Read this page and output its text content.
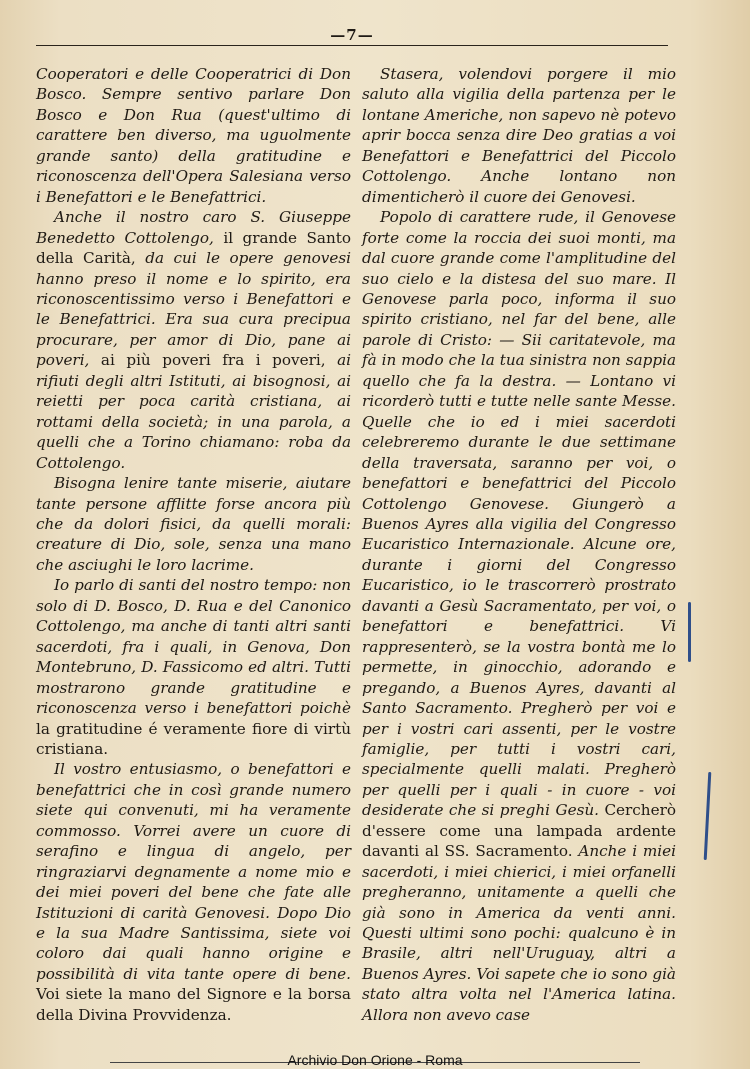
—7—

Cooperatori e delle Cooperatrici di Don Bosco. Sempre sentivo parlare Don Bosco e Don Rua (quest'ultimo di carattere ben diverso, ma uguolmente grande santo) della gratitudine e riconoscenza dell'Opera Salesiana verso i Benefattori e le Benefattrici.

Anche il nostro caro S. Giuseppe Benedetto Cottolengo, il grande Santo della Carità, da cui le opere genovesi hanno preso il nome e lo spirito, era riconoscentissimo verso i Benefattori e le Benefattrici. Era sua cura precipua procurare, per amor di Dio, pane ai poveri, ai più poveri fra i poveri, ai rifiuti degli altri Istituti, ai bisognosi, ai reietti per poca carità cristiana, ai rottami della società; in una parola, a quelli che a Torino chiamano: roba da Cottolengo.

Bisogna lenire tante miserie, aiutare tante persone afflitte forse ancora più che da dolori fisici, da quelli morali: creature di Dio, sole, senza una mano che asciughi le loro lacrime.

Io parlo di santi del nostro tempo: non solo di D. Bosco, D. Rua e del Canonico Cottolengo, ma anche di tanti altri santi sacerdoti, fra i quali, in Genova, Don Montebruno, D. Fassicomo ed altri. Tutti mostrarono grande gratitudine e riconoscenza verso i benefattori poichè la gratitudine é veramente fiore di virtù cristiana.

Il vostro entusiasmo, o benefattori e benefattrici che in così grande numero siete qui convenuti, mi ha veramente commosso. Vorrei avere un cuore di serafino e lingua di angelo, per ringraziarvi degnamente a nome mio e dei miei poveri del bene che fate alle Istituzioni di carità Genovesi. Dopo Dio e la sua Madre Santissima, siete voi coloro dai quali hanno origine e possibilità di vita tante opere di bene. Voi siete la mano del Signore e la borsa della Divina Provvidenza.

Stasera, volendovi porgere il mio saluto alla vigilia della partenza per le lontane Americhe, non sapevo nè potevo aprir bocca senza dire Deo gratias a voi Benefattori e Benefattrici del Piccolo Cottolengo. Anche lontano non dimenticherò il cuore dei Genovesi.

Popolo di carattere rude, il Genovese forte come la roccia dei suoi monti, ma dal cuore grande come l'amplitudine del suo cielo e la distesa del suo mare. Il Genovese parla poco, informa il suo spirito cristiano, nel far del bene, alle parole di Cristo: — Sii caritatevole, ma fà in modo che la tua sinistra non sappia quello che fa la destra. — Lontano vi ricorderò tutti e tutte nelle sante Messe. Quelle che io ed i miei sacerdoti celebreremo durante le due settimane della traversata, saranno per voi, o benefattori e benefattrici del Piccolo Cottolengo Genovese. Giungerò a Buenos Ayres alla vigilia del Congresso Eucaristico Internazionale. Alcune ore, durante i giorni del Congresso Eucaristico, io le trascorrerò prostrato davanti a Gesù Sacramentato, per voi, o benefattori e benefattrici. Vi rappresenterò, se la vostra bontà me lo permette, in ginocchio, adorando e pregando, a Buenos Ayres, davanti al Santo Sacramento. Pregherò per voi e per i vostri cari assenti, per le vostre famiglie, per tutti i vostri cari, specialmente quelli malati. Pregherò per quelli per i quali - in cuore - voi desiderate che si preghi Gesù. Cercherò d'essere come una lampada ardente davanti al SS. Sacramento. Anche i miei sacerdoti, i miei chierici, i miei orfanelli pregheranno, unitamente a quelli che già sono in America da venti anni. Questi ultimi sono pochi: qualcuno è in Brasile, altri nell'Uruguay, altri a Buenos Ayres. Voi sapete che io sono già stato altra volta nel l'America latina. Allora non avevo case

Archivio Don Orione - Roma
